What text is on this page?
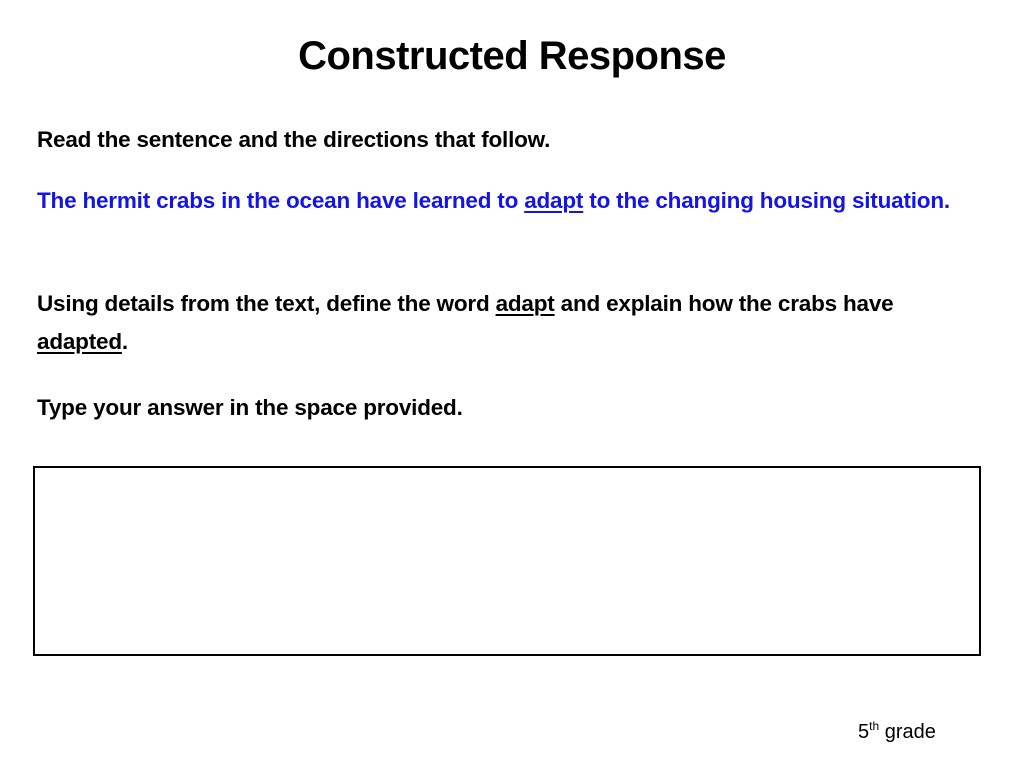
Constructed Response
Read the sentence and the directions that follow.
The hermit crabs in the ocean have learned to adapt to the changing housing situation.
Using details from the text, define the word adapt and explain how the crabs have adapted.
Type your answer in the space provided.
5th grade
